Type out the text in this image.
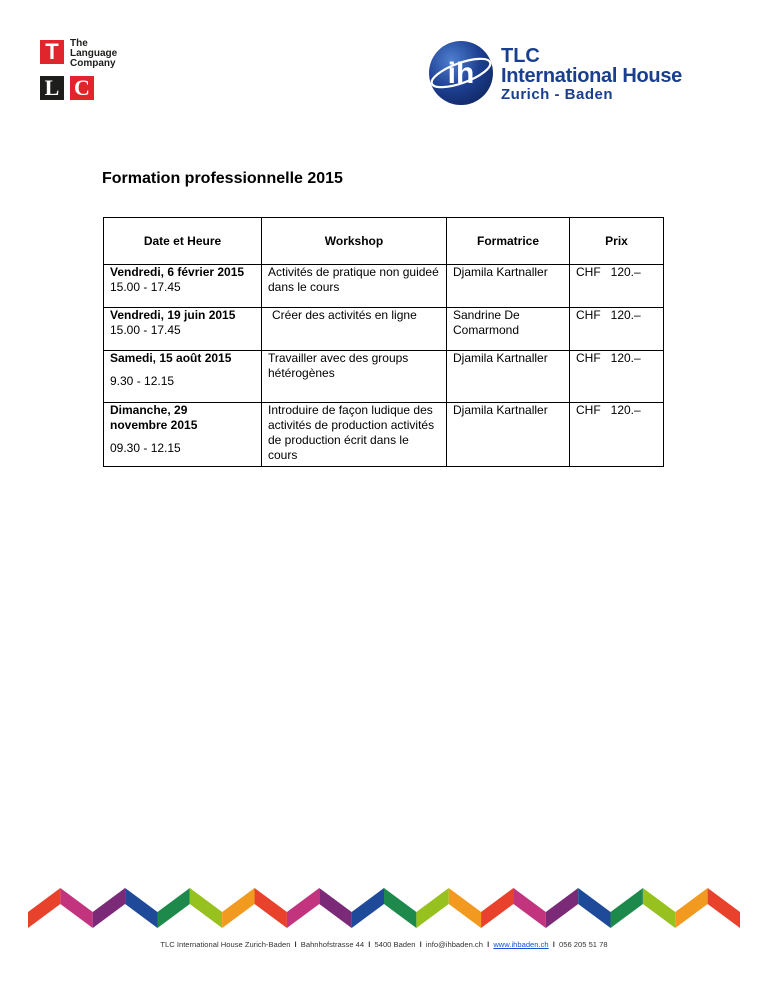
T	The
Language
Company
L C	ih
TLC
International House
Zurich - Baden
Formation professionnelle 2015
Date et Heure	Workshop	Formatrice	Prix
Vendredi, 6 février 2015
15.00 - 17.45	Activités de pratique non guideé dans le cours	Djamila Kartnaller	CHF   120.–
Vendredi, 19 juin 2015
15.00 - 17.45	Créer des activités en ligne	Sandrine De Comarmond	CHF   120.–
Samedi, 15 août 2015
9.30 - 12.15	Travailler avec des groups hétérogènes	Djamila Kartnaller	CHF   120.–
Dimanche, 29 novembre 2015
09.30 - 12.15	Introduire de façon ludique des activités de production activités de production écrit dans le cours	Djamila Kartnaller	CHF   120.–
TLC International House Zurich-Baden l Bahnhofstrasse 44 l 5400 Baden l info@ihbaden.ch l www.ihbaden.ch l 056 205 51 78
